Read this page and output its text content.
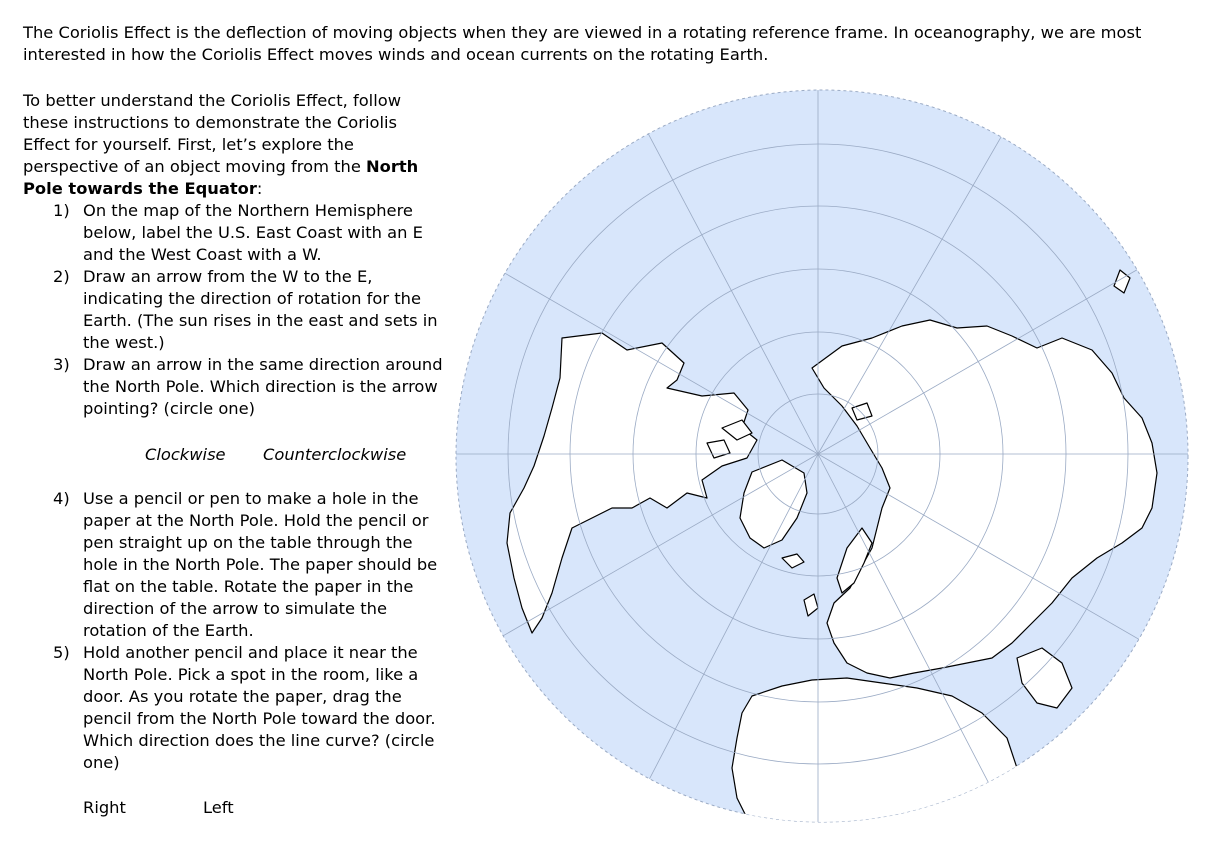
The Coriolis Effect is the deflection of moving objects when they are viewed in a rotating reference frame. In oceanography, we are most interested in how the Coriolis Effect moves winds and ocean currents on the rotating Earth.

To better understand the Coriolis Effect, follow these instructions to demonstrate the Coriolis Effect for yourself. First, let’s explore the perspective of an object moving from the North Pole towards the Equator:

1) On the map of the Northern Hemisphere below, label the U.S. East Coast with an E and the West Coast with a W.
2) Draw an arrow from the W to the E, indicating the direction of rotation for the Earth. (The sun rises in the east and sets in the west.)
3) Draw an arrow in the same direction around the North Pole. Which direction is the arrow pointing? (circle one)
Clockwise Counterclockwise
4) Use a pencil or pen to make a hole in the paper at the North Pole. Hold the pencil or pen straight up on the table through the hole in the North Pole. The paper should be flat on the table. Rotate the paper in the direction of the arrow to simulate the rotation of the Earth.
5) Hold another pencil and place it near the North Pole. Pick a spot in the room, like a door. As you rotate the paper, drag the pencil from the North Pole toward the door. Which direction does the line curve? (circle one)
Right	Left
